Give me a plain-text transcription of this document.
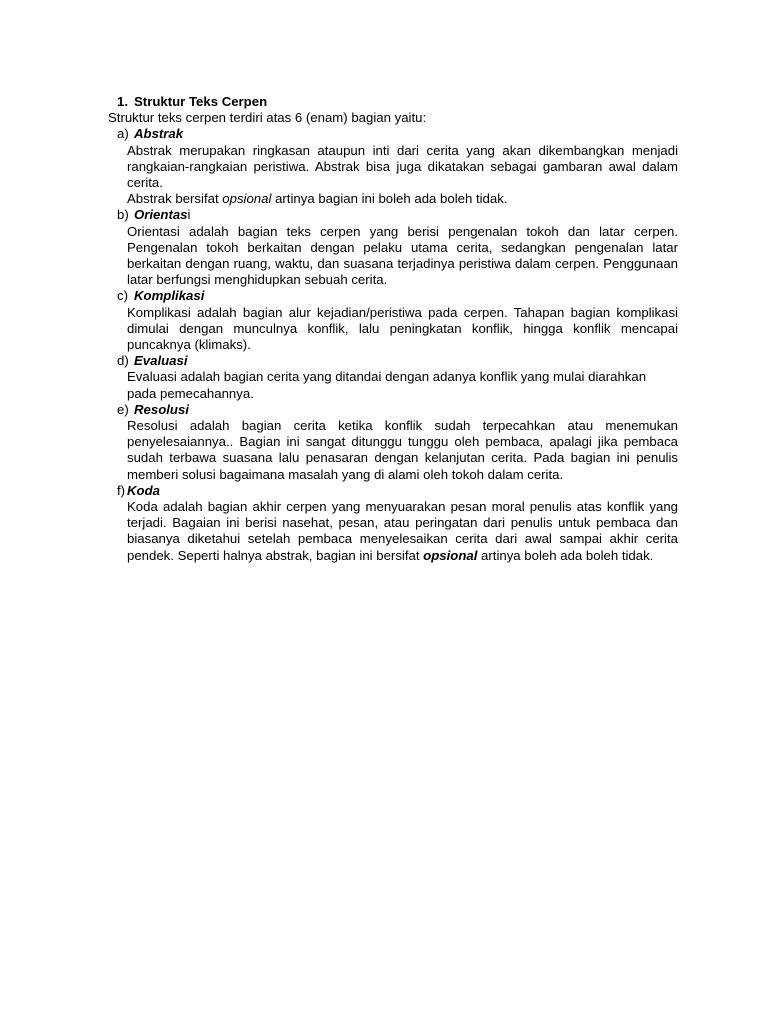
1. Struktur Teks Cerpen
Struktur teks cerpen terdiri atas 6 (enam) bagian yaitu:
a) Abstrak
Abstrak merupakan ringkasan ataupun inti dari cerita yang akan dikembangkan menjadi rangkaian-rangkaian peristiwa. Abstrak bisa juga dikatakan sebagai gambaran awal dalam cerita.
Abstrak bersifat opsional artinya bagian ini boleh ada boleh tidak.
b) Orientasi
Orientasi adalah bagian teks cerpen yang berisi pengenalan tokoh dan latar cerpen. Pengenalan tokoh berkaitan dengan pelaku utama cerita, sedangkan pengenalan latar berkaitan dengan ruang, waktu, dan suasana terjadinya peristiwa dalam cerpen. Penggunaan latar berfungsi menghidupkan sebuah cerita.
c) Komplikasi
Komplikasi adalah bagian alur kejadian/peristiwa pada cerpen. Tahapan bagian komplikasi dimulai dengan munculnya konflik, lalu peningkatan konflik, hingga konflik mencapai puncaknya (klimaks).
d) Evaluasi
Evaluasi adalah bagian cerita yang ditandai dengan adanya konflik yang mulai diarahkan pada pemecahannya.
e) Resolusi
Resolusi adalah bagian cerita ketika konflik sudah terpecahkan atau menemukan penyelesaiannya.. Bagian ini sangat ditunggu tunggu oleh pembaca, apalagi jika pembaca sudah terbawa suasana lalu penasaran dengan kelanjutan cerita. Pada bagian ini penulis memberi solusi bagaimana masalah yang di alami oleh tokoh dalam cerita.
f) Koda
Koda adalah bagian akhir cerpen yang menyuarakan pesan moral penulis atas konflik yang terjadi. Bagaian ini berisi nasehat, pesan, atau peringatan dari penulis untuk pembaca dan biasanya diketahui setelah pembaca menyelesaikan cerita dari awal sampai akhir cerita pendek. Seperti halnya abstrak, bagian ini bersifat opsional artinya boleh ada boleh tidak.
